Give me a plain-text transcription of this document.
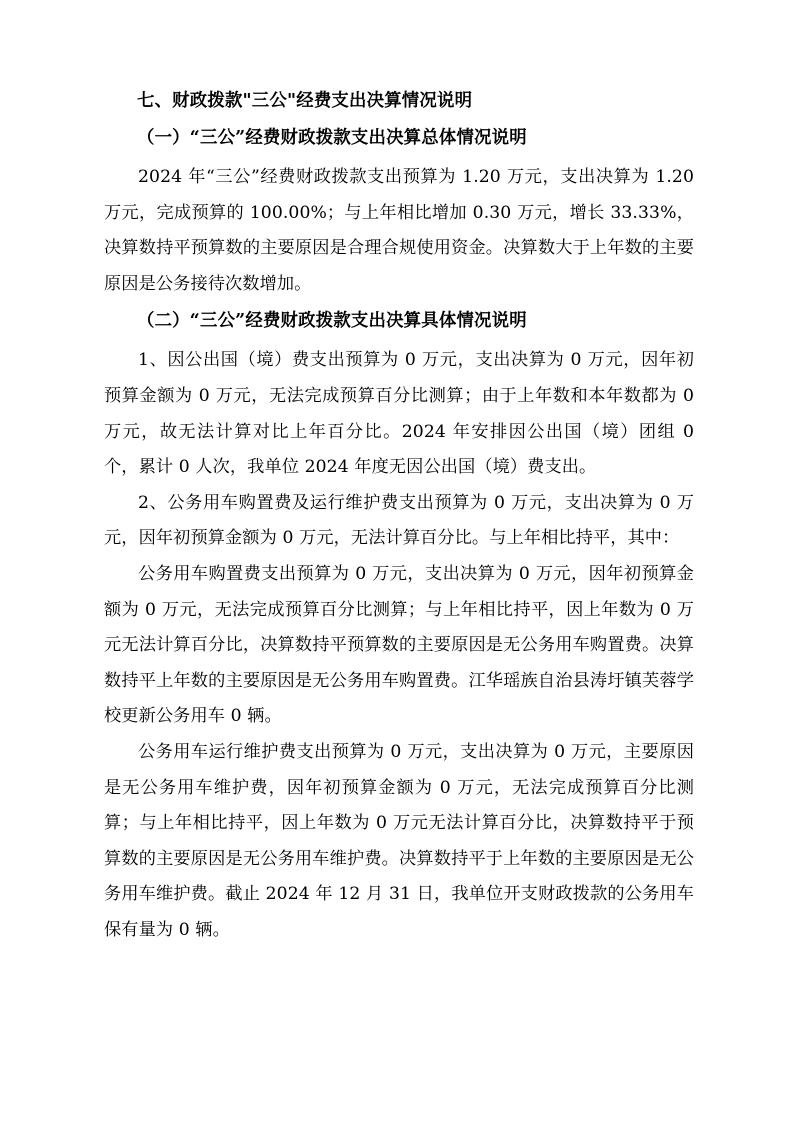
七、财政拨款"三公"经费支出决算情况说明
（一）“三公”经费财政拨款支出决算总体情况说明

2024 年“三公”经费财政拨款支出预算为 1.20 万元，支出决算为 1.20 万元，完成预算的 100.00%；与上年相比增加 0.30 万元，增长 33.33%，决算数持平预算数的主要原因是合理合规使用资金。决算数大于上年数的主要原因是公务接待次数增加。

（二）“三公”经费财政拨款支出决算具体情况说明

1、因公出国（境）费支出预算为 0 万元，支出决算为 0 万元，因年初预算金额为 0 万元，无法完成预算百分比测算；由于上年数和本年数都为 0 万元，故无法计算对比上年百分比。2024 年安排因公出国（境）团组 0 个，累计 0 人次，我单位 2024 年度无因公出国（境）费支出。

2、公务用车购置费及运行维护费支出预算为 0 万元，支出决算为 0 万元，因年初预算金额为 0 万元，无法计算百分比。与上年相比持平，其中：

公务用车购置费支出预算为 0 万元，支出决算为 0 万元，因年初预算金额为 0 万元，无法完成预算百分比测算；与上年相比持平，因上年数为 0 万元无法计算百分比，决算数持平预算数的主要原因是无公务用车购置费。决算数持平上年数的主要原因是无公务用车购置费。江华瑶族自治县涛圩镇芙蓉学校更新公务用车 0 辆。

公务用车运行维护费支出预算为 0 万元，支出决算为 0 万元，主要原因是无公务用车维护费，因年初预算金额为 0 万元，无法完成预算百分比测算；与上年相比持平，因上年数为 0 万元无法计算百分比，决算数持平于预算数的主要原因是无公务用车维护费。决算数持平于上年数的主要原因是无公务用车维护费。截止 2024 年 12 月 31 日，我单位开支财政拨款的公务用车保有量为 0 辆。
